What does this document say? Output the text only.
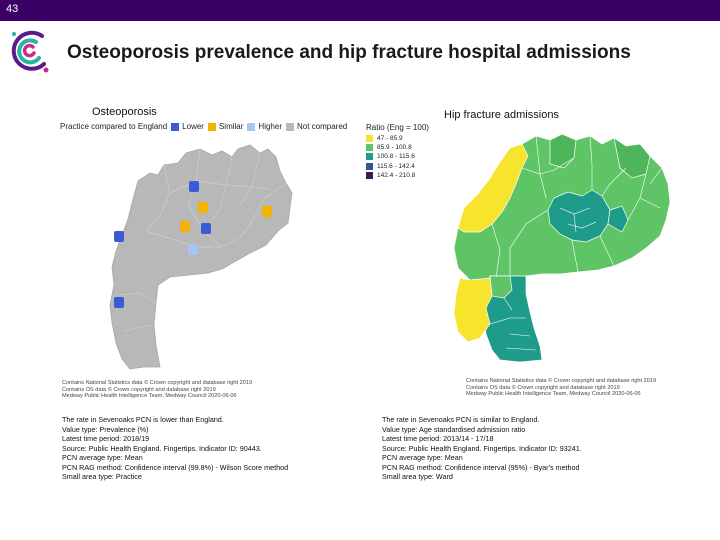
43
Osteoporosis prevalence and hip fracture hospital admissions
Osteoporosis
Practice compared to England Lower Similar Higher Not compared
Contains National Statistics data © Crown copyright and database right 2019
Contains OS data © Crown copyright and database right 2019
Medway Public Health Intelligence Team, Medway Council 2020-06-06
The rate in Sevenoaks PCN is lower than England.
Value type: Prevalence (%)
Latest time period: 2018/19
Source: Public Health England. Fingertips. Indicator ID: 90443.
PCN average type: Mean
PCN RAG method: Confidence interval (99.8%) - Wilson Score method
Small area type: Practice
Hip fracture admissions
Ratio (Eng = 100)
47 - 85.9
85.9 - 100.8
100.8 - 115.6
115.6 - 142.4
142.4 - 210.8
Contains National Statistics data © Crown copyright and database right 2019
Contains OS data © Crown copyright and database right 2019
Medway Public Health Intelligence Team, Medway Council 2020-06-06
The rate in Sevenoaks PCN is similar to England.
Value type: Age standardised admission ratio
Latest time period: 2013/14 - 17/18
Source: Public Health England. Fingertips. Indicator ID: 93241.
PCN average type: Mean
PCN RAG method: Confidence interval (95%) - Byar's method
Small area type: Ward
